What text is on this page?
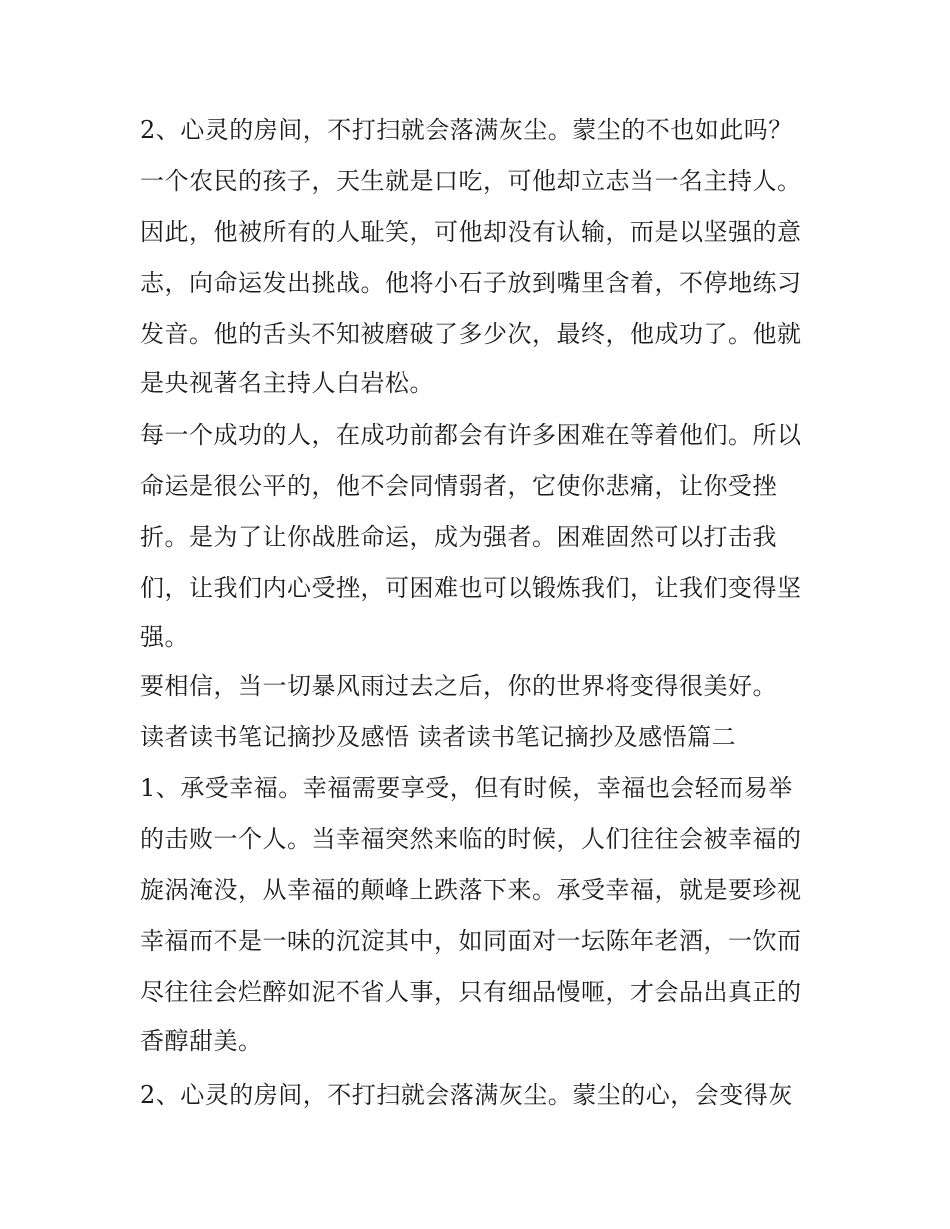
2、心灵的房间，不打扫就会落满灰尘。蒙尘的不也如此吗？
一个农民的孩子，天生就是口吃，可他却立志当一名主持人。
因此，他被所有的人耻笑，可他却没有认输，而是以坚强的意
志，向命运发出挑战。他将小石子放到嘴里含着，不停地练习
发音。他的舌头不知被磨破了多少次，最终，他成功了。他就
是央视著名主持人白岩松。
每一个成功的人，在成功前都会有许多困难在等着他们。所以
命运是很公平的，他不会同情弱者，它使你悲痛，让你受挫
折。是为了让你战胜命运，成为强者。困难固然可以打击我
们，让我们内心受挫，可困难也可以锻炼我们，让我们变得坚
强。
要相信，当一切暴风雨过去之后，你的世界将变得很美好。
读者读书笔记摘抄及感悟 读者读书笔记摘抄及感悟篇二
1、承受幸福。幸福需要享受，但有时候，幸福也会轻而易举
的击败一个人。当幸福突然来临的时候，人们往往会被幸福的
旋涡淹没，从幸福的颠峰上跌落下来。承受幸福，就是要珍视
幸福而不是一味的沉淀其中，如同面对一坛陈年老酒，一饮而
尽往往会烂醉如泥不省人事，只有细品慢咂，才会品出真正的
香醇甜美。
2、心灵的房间，不打扫就会落满灰尘。蒙尘的心，会变得灰
